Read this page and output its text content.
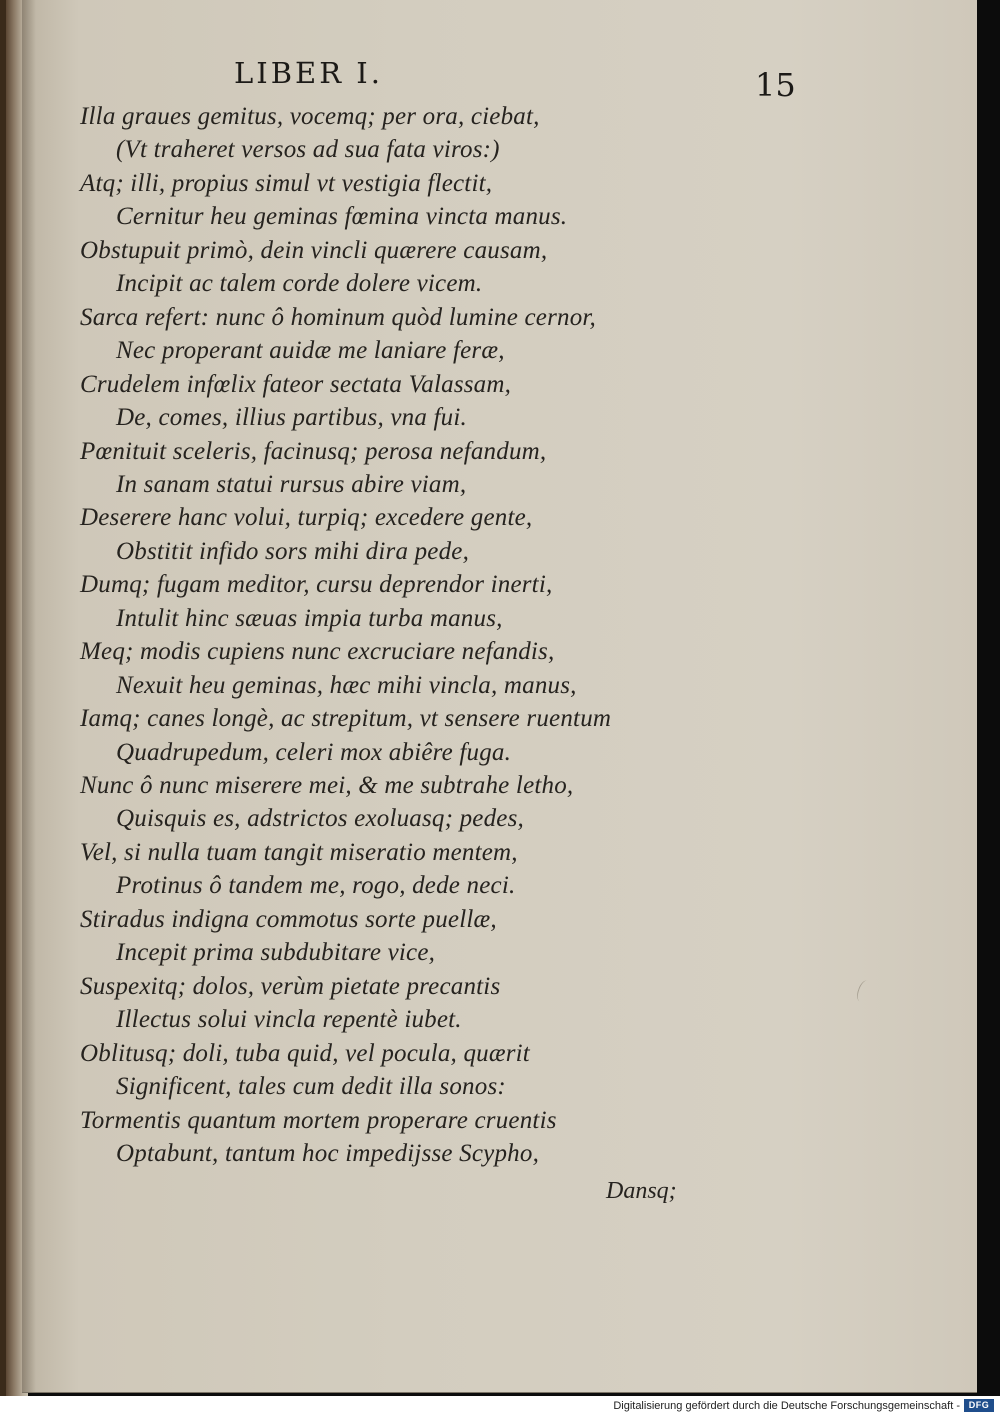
LIBER I.	15
Illa graues gemitus, vocemq; per ora, ciebat,
(Vt traheret versos ad sua fata viros:)
Atq; illi, propius simul vt vestigia flectit,
Cernitur heu geminas fœmina vincta manus.
Obstupuit primò, dein vincli quærere causam,
Incipit ac talem corde dolere vicem.
Sarca refert: nunc ô hominum quòd lumine cernor,
Nec properant auidæ me laniare feræ,
Crudelem infœlix fateor sectata Valassam,
De, comes, illius partibus, vna fui.
Pœnituit sceleris, facinusq; perosa nefandum,
In sanam statui rursus abire viam,
Deserere hanc volui, turpiq; excedere gente,
Obstitit infido sors mihi dira pede,
Dumq; fugam meditor, cursu deprendor inerti,
Intulit hinc sæuas impia turba manus,
Meq; modis cupiens nunc excruciare nefandis,
Nexuit heu geminas, hæc mihi vincla, manus,
Iamq; canes longè, ac strepitum, vt sensere ruentum
Quadrupedum, celeri mox abiêre fuga.
Nunc ô nunc miserere mei, & me subtrahe letho,
Quisquis es, adstrictos exoluasq; pedes,
Vel, si nulla tuam tangit miseratio mentem,
Protinus ô tandem me, rogo, dede neci.
Stiradus indigna commotus sorte puellæ,
Incepit prima subdubitare vice,
Suspexitq; dolos, verùm pietate precantis
Illectus solui vincla repentè iubet.
Oblitusq; doli, tuba quid, vel pocula, quærit
Significent, tales cum dedit illa sonos:
Tormentis quantum mortem properare cruentis
Optabunt, tantum hoc impedijsse Scypho,
Dansq;
Digitalisierung gefördert durch die Deutsche Forschungsgemeinschaft - DFG
